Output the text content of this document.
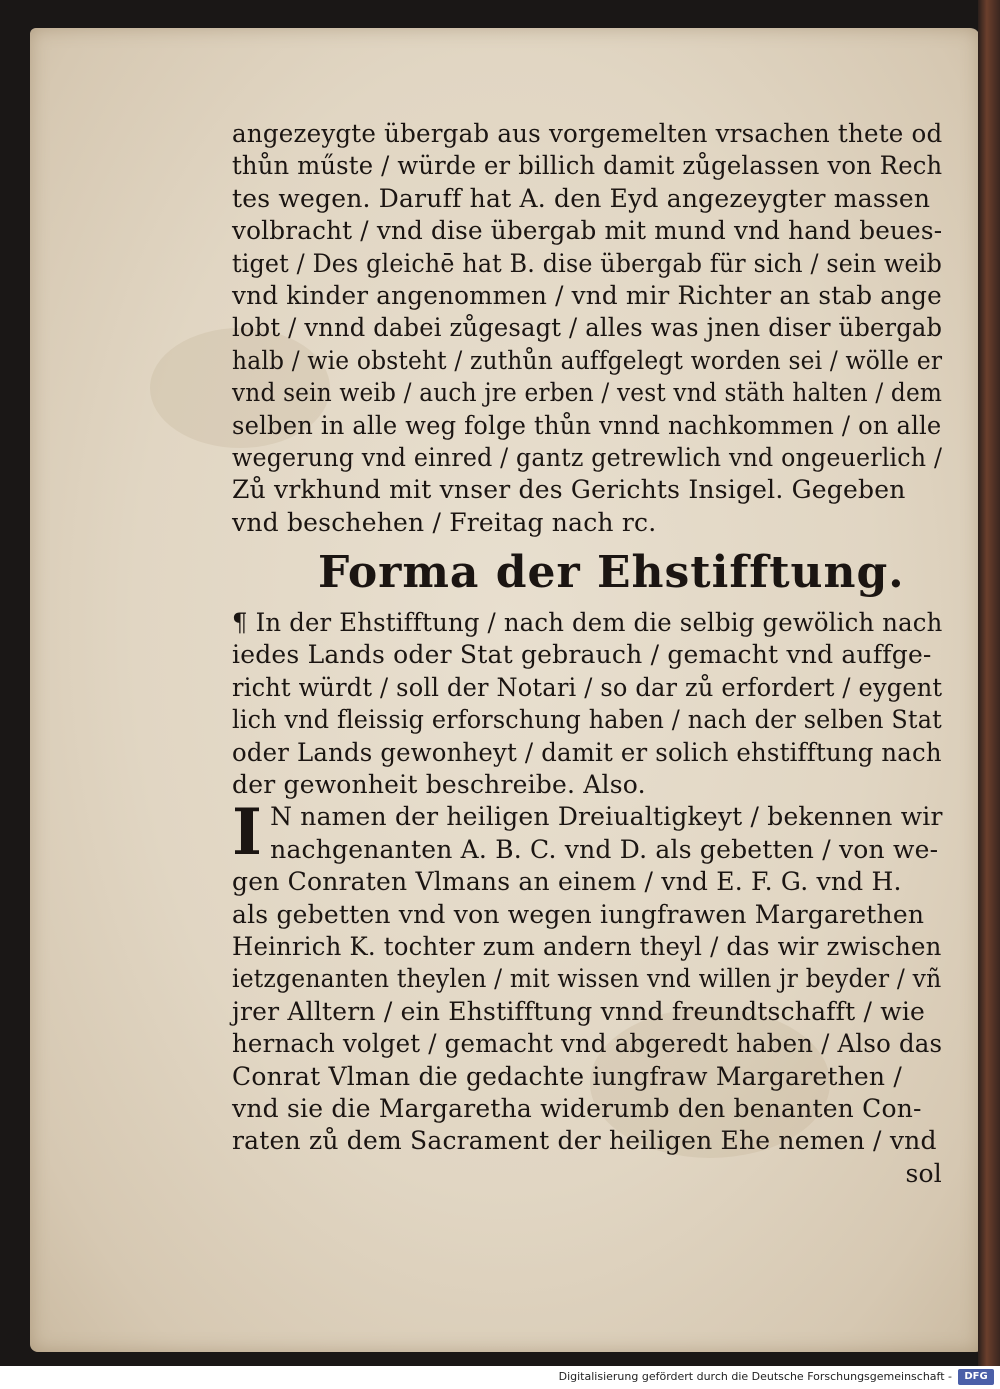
angezeygte übergab aus vorgemelten vrsachen thete od
thůn műste / würde er billich damit zůgelassen von Rech
tes wegen. Daruff hat A. den Eyd angezeygter massen
volbracht / vnd dise übergab mit mund vnd hand beues-
tiget / Des gleichē hat B. dise übergab für sich / sein weib
vnd kinder angenommen / vnd mir Richter an stab ange
lobt / vnnd dabei zůgesagt / alles was jnen diser übergab
halb / wie obsteht / zuthůn auffgelegt worden sei / wölle er
vnd sein weib / auch jre erben / vest vnd stäth halten / dem
selben in alle weg folge thůn vnnd nachkommen / on alle
wegerung vnd einred / gantz getrewlich vnd ongeuerlich /
Zů vrkhund mit vnser des Gerichts Insigel. Gegeben
vnd beschehen / Freitag nach rc.
Forma der Ehstifftung.
¶ In der Ehstifftung / nach dem die selbig gewölich nach
iedes Lands oder Stat gebrauch / gemacht vnd auffge-
richt würdt / soll der Notari / so dar zů erfordert / eygent
lich vnd fleissig erforschung haben / nach der selben Stat
oder Lands gewonheyt / damit er solich ehstifftung nach
der gewonheit beschreibe. Also.
I N namen der heiligen Dreiualtigkeyt / bekennen wir
nachgenanten A. B. C. vnd D. als gebetten / von we-
gen Conraten Vlmans an einem / vnd E. F. G. vnd H.
als gebetten vnd von wegen iungfrawen Margarethen
Heinrich K. tochter zum andern theyl / das wir zwischen
ietzgenanten theylen / mit wissen vnd willen jr beyder / vñ
jrer Alltern / ein Ehstifftung vnnd freundtschafft / wie
hernach volget / gemacht vnd abgeredt haben / Also das
Conrat Vlman die gedachte iungfraw Margarethen /
vnd sie die Margaretha widerumb den benanten Con-
raten zů dem Sacrament der heiligen Ehe nemen / vnd
sol
Digitalisierung gefördert durch die Deutsche Forschungsgemeinschaft -	DFG
